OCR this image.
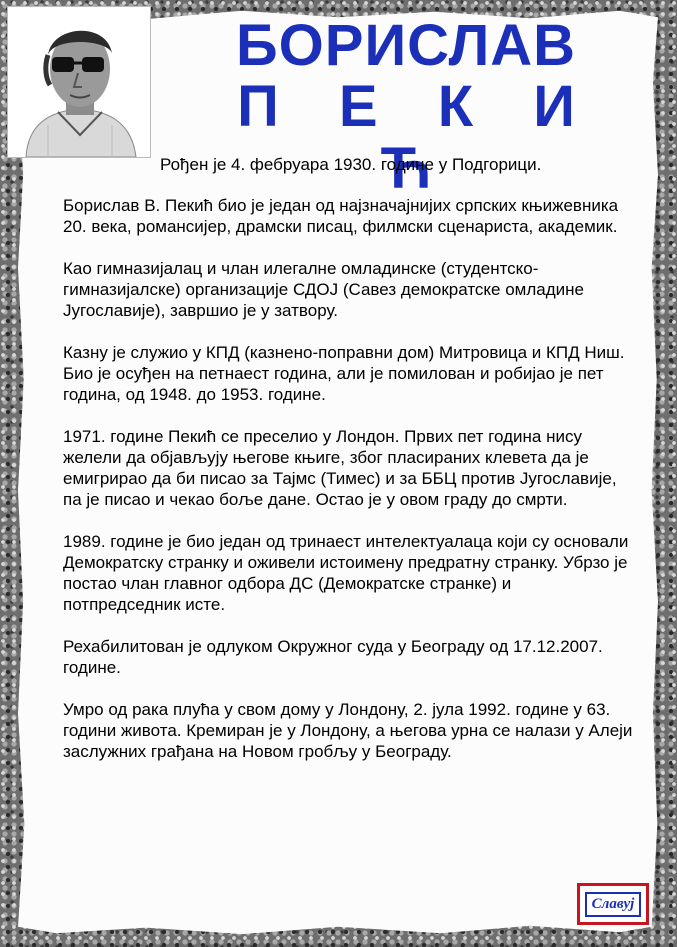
БОРИСЛАВ
П Е К И Ћ
Рођен је 4. фебруара 1930. године у Подгорици.

Борислав В. Пекић био је један од најзначајнијих српских књижевника 20. века, романсијер, драмски писац, филмски сценариста, академик.

Као гимназијалац и члан илегалне омладинске (студентско-гимназијалске) организације СДОЈ (Савез демократске омладине Југославије), завршио је у затвору.

Казну је служио у КПД (казнено-поправни дом) Митровица и КПД Ниш. Био је осуђен на петнаест година, али је помилован и робијао је пет година, од 1948. до 1953. године.

1971. године Пекић се преселио у Лондон. Првих пет година нису желели да објављују његове књиге, због пласираних клевета да је емигрирао да би писао за Тајмс (Тимес) и за ББЦ против Југославије, па је писао и чекао боље дане. Остао је у овом граду до смрти.

1989. године је био један од тринаест интелектуалаца који су основали Демократску странку и оживели истоимену предратну странку. Убрзо је постао члан главног одбора ДС (Демократске странке) и потпредседник исте.

Рехабилитован је одлуком Окружног суда у Београду од 17.12.2007. године.

Умро од рака плућа у свом дому у Лондону, 2. јула 1992. године у 63. години живота. Кремиран је у Лондону, а његова урна се налази у Алеји заслужних грађана на Новом гробљу у Београду.

Славуј
